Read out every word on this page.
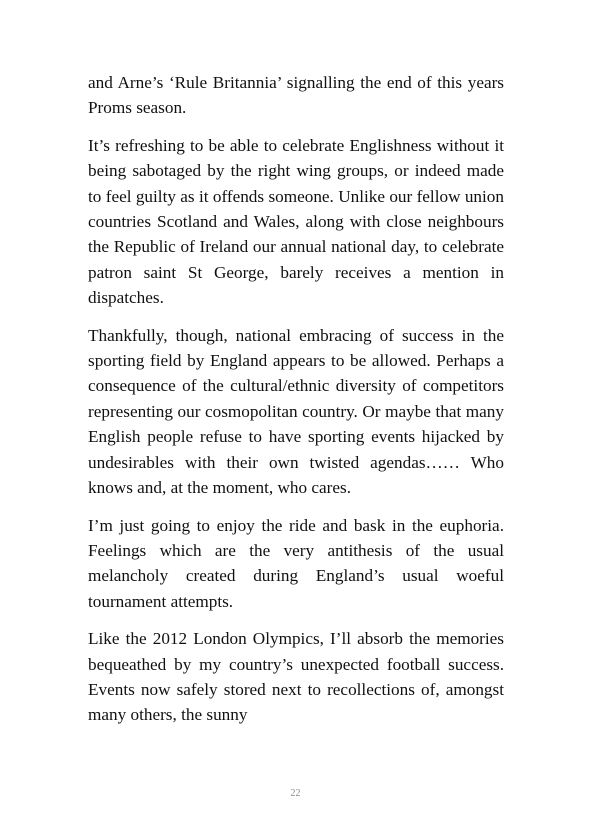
and Arne’s ‘Rule Britannia’ signalling the end of this years Proms season.

It’s refreshing to be able to celebrate Englishness without it being sabotaged by the right wing groups, or indeed made to feel guilty as it offends someone. Unlike our fellow union countries Scotland and Wales, along with close neighbours the Republic of Ireland our annual national day, to celebrate patron saint St George, barely receives a mention in dispatches.

Thankfully, though, national embracing of success in the sporting field by England appears to be allowed. Perhaps a consequence of the cultural/ethnic diversity of competitors representing our cosmopolitan country. Or maybe that many English people refuse to have sporting events hijacked by undesirables with their own twisted agendas…… Who knows and, at the moment, who cares.

I’m just going to enjoy the ride and bask in the euphoria. Feelings which are the very antithesis of the usual melancholy created during England’s usual woeful tournament attempts.

Like the 2012 London Olympics, I’ll absorb the memories bequeathed by my country’s unexpected football success. Events now safely stored next to recollections of, amongst many others, the sunny

22
